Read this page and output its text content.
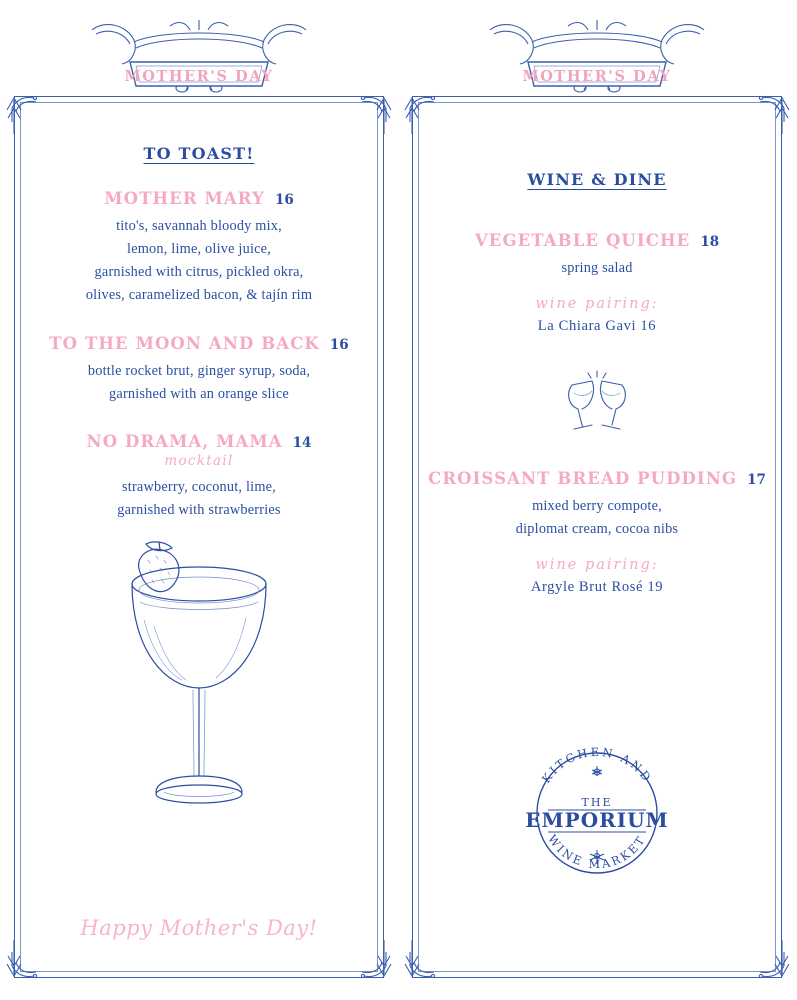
MOTHER'S DAY
TO TOAST!
MOTHER MARY 16
tito's, savannah bloody mix,
lemon, lime, olive juice,
garnished with citrus, pickled okra,
olives, caramelized bacon, & tajín rim
TO THE MOON AND BACK 16
bottle rocket brut, ginger syrup, soda,
garnished with an orange slice
NO DRAMA, MAMA 14
mocktail
strawberry, coconut, lime,
garnished with strawberries
Happy Mother's Day!
MOTHER'S DAY
WINE & DINE
VEGETABLE QUICHE 18
spring salad
wine pairing:
La Chiara Gavi 16
CROISSANT BREAD PUDDING 17
mixed berry compote,
diplomat cream, cocoa nibs
wine pairing:
Argyle Brut Rosé 19
KITCHEN AND
WINE MARKET
THE
EMPORIUM
